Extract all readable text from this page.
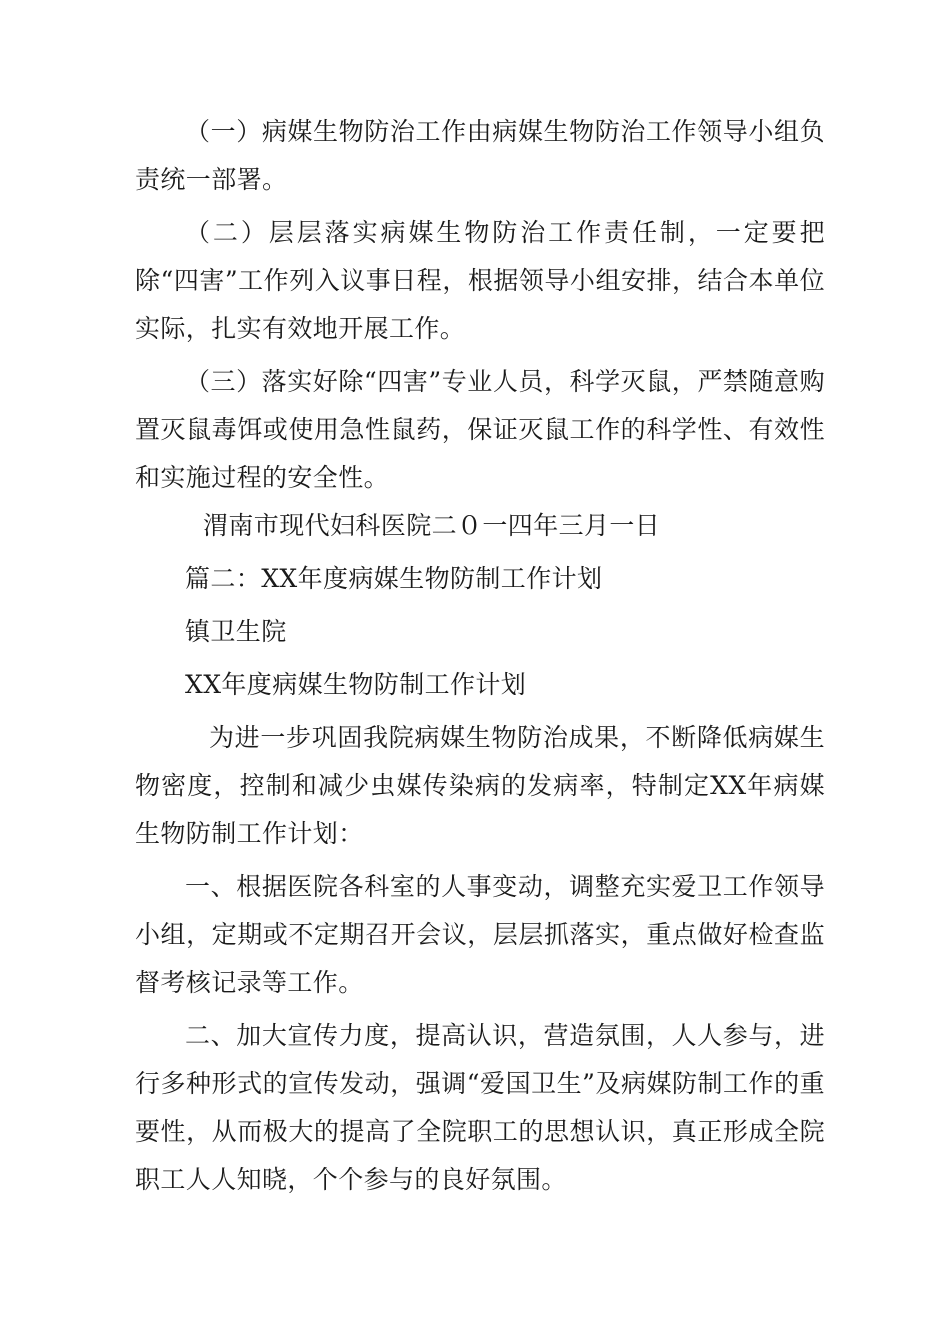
（一）病媒生物防治工作由病媒生物防治工作领导小组负责统一部署。

（二）层层落实病媒生物防治工作责任制，一定要把除“四害”工作列入议事日程，根据领导小组安排，结合本单位实际，扎实有效地开展工作。

（三）落实好除“四害”专业人员，科学灭鼠，严禁随意购置灭鼠毒饵或使用急性鼠药，保证灭鼠工作的科学性、有效性和实施过程的安全性。

渭南市现代妇科医院二０一四年三月一日

篇二：XX年度病媒生物防制工作计划

镇卫生院

XX年度病媒生物防制工作计划

为进一步巩固我院病媒生物防治成果，不断降低病媒生物密度，控制和减少虫媒传染病的发病率，特制定XX年病媒生物防制工作计划：

一、根据医院各科室的人事变动，调整充实爱卫工作领导小组，定期或不定期召开会议，层层抓落实，重点做好检查监督考核记录等工作。

二、加大宣传力度，提高认识，营造氛围，人人参与，进行多种形式的宣传发动，强调“爱国卫生”及病媒防制工作的重要性，从而极大的提高了全院职工的思想认识，真正形成全院职工人人知晓，个个参与的良好氛围。
